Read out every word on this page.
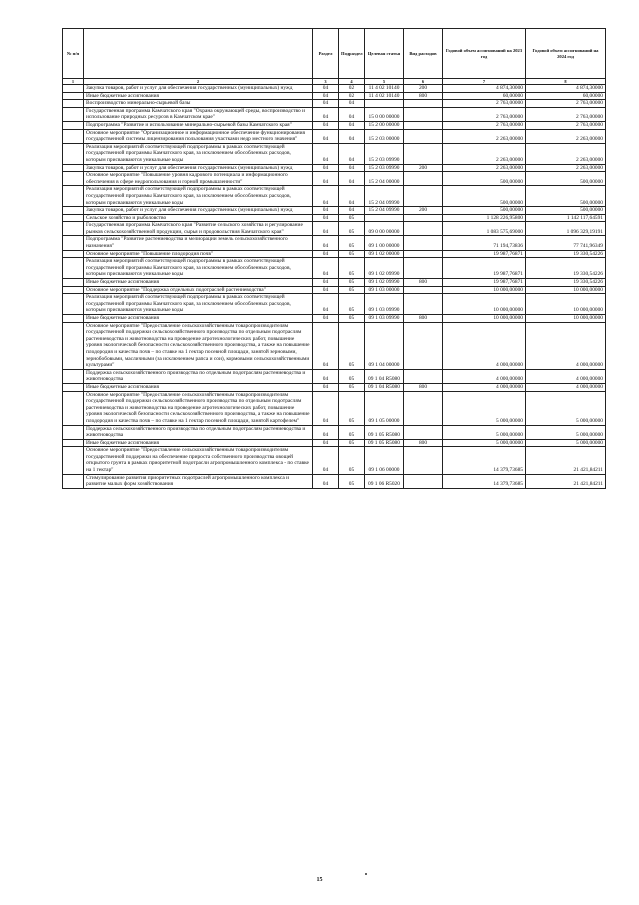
№ п/п		Раздел	Подраздел	Целевая статья	Вид расходов	Годовой объем ассигнований на 2023 год	Годовой объем ассигнований на 2024 год
1	2	3	4	5	6	7	8
	Закупка товаров, работ и услуг для обеспечения государственных (муниципальных) нужд	04	02	11 4 02 10140	200	4 874,30000	4 874,30000
	Иные бюджетные ассигнования	04	02	11 4 02 10140	800	60,00000	60,00000
	Воспроизводство минерально-сырьевой базы	04	04			2 763,00000	2 763,00000
	Государственная программа Камчатского края "Охрана окружающей среды, воспроизводство и использование природных ресурсов в Камчатском крае"	04	04	15 0 00 00000		2 763,00000	2 763,00000
	Подпрограмма "Развитие и использование минерально-сырьевой базы Камчатского края"	04	04	15 2 00 00000		2 763,00000	2 763,00000
	Основное мероприятие "Организационное и информационное обеспечение функционирования государственной системы лицензирования пользования участками недр местного значения"	04	04	15 2 03 00000		2 263,00000	2 263,00000
	Реализация мероприятий соответствующей подпрограммы в рамках соответствующей государственной программы Камчатского края, за исключением обособленных расходов, которым присваиваются уникальные коды	04	04	15 2 03 09990		2 263,00000	2 263,00000
	Закупка товаров, работ и услуг для обеспечения государственных (муниципальных) нужд	04	04	15 2 03 09990	200	2 263,00000	2 263,00000
	Основное мероприятие "Повышение уровня кадрового потенциала и информационного обеспечения в сфере недропользования и горной промышленности"	04	04	15 2 04 00000		500,00000	500,00000
	Реализация мероприятий соответствующей подпрограммы в рамках соответствующей государственной программы Камчатского края, за исключением обособленных расходов, которым присваиваются уникальные коды	04	04	15 2 04 09990		500,00000	500,00000
	Закупка товаров, работ и услуг для обеспечения государственных (муниципальных) нужд	04	04	15 2 04 09990	200	500,00000	500,00000
	Сельское хозяйство и рыболовство	04	05			1 128 226,95800	1 142 117,64591
	Государственная программа Камчатского края "Развитие сельского хозяйства и регулирование рынков сельскохозяйственной продукции, сырья и продовольствия Камчатского края"	04	05	09 0 00 00000		1 083 575,69000	1 096 329,19191
	Подпрограмма "Развитие растениеводства и мелиорации земель сельскохозяйственного назначения"	04	05	09 1 00 00000		71 194,73836	77 741,96349
	Основное мероприятие "Повышение плодородия почв"	04	05	09 1 02 00000		19 987,76871	19 330,54226
	Реализация мероприятий соответствующей подпрограммы в рамках соответствующей государственной программы Камчатского края, за исключением обособленных расходов, которым присваиваются уникальные коды	04	05	09 1 02 09990		19 987,76871	19 330,54226
	Иные бюджетные ассигнования	04	05	09 1 02 09990	800	19 987,76871	19 330,54226
	Основное мероприятие "Поддержка отдельных подотраслей растениеводства"	04	05	09 1 03 00000		10 000,00000	10 000,00000
	Реализация мероприятий соответствующей подпрограммы в рамках соответствующей государственной программы Камчатского края, за исключением обособленных расходов, которым присваиваются уникальные коды	04	05	09 1 03 09990		10 000,00000	10 000,00000
	Иные бюджетные ассигнования	04	05	09 1 03 09990	800	10 000,00000	10 000,00000
	Основное мероприятие "Предоставление сельскохозяйственным товаропроизводителям государственной поддержки сельскохозяйственного производства по отдельным подотраслям растениеводства и животноводства на проведение агротехнологических работ, повышение уровня экологической безопасности сельскохозяйственного производства, а также на повышение плодородия и качества почв – по ставке на 1 гектар посевной площади, занятой зерновыми, зернобобовыми, масличными (за исключением рапса и сои), кормовыми сельскохозяйственными культурами"	04	05	09 1 04 00000		4 000,00000	4 000,00000
	Поддержка сельскохозяйственного производства по отдельным подотраслям растениеводства и животноводства	04	05	09 1 04 R5080		4 000,00000	4 000,00000
	Иные бюджетные ассигнования	04	05	09 1 04 R5080	800	4 000,00000	4 000,00000
	Основное мероприятие "Предоставление сельскохозяйственным товаропроизводителям государственной поддержки сельскохозяйственного производства по отдельным подотраслям растениеводства и животноводства на проведение агротехнологических работ, повышение уровня экологической безопасности сельскохозяйственного производства, а также на повышение плодородия и качества почв – по ставке на 1 гектар посевной площади, занятой картофелем"	04	05	09 1 05 00000		5 000,00000	5 000,00000
	Поддержка сельскохозяйственного производства по отдельным подотраслям растениеводства и животноводства	04	05	09 1 05 R5080		5 000,00000	5 000,00000
	Иные бюджетные ассигнования	04	05	09 1 05 R5080	800	5 000,00000	5 000,00000
	Основное мероприятие "Предоставление сельскохозяйственным товаропроизводителям государственной поддержки на обеспечение прироста собственного производства овощей открытого грунта в рамках приоритетной подотрасли агропромышленного комплекса - по ставке на 1 гектар"	04	05	09 1 06 00000		14 379,73685	21 421,84211
	Стимулирование развития приоритетных подотраслей агропромышленного комплекса и развитие малых форм хозяйствования	04	05	09 1 06 R5020		14 379,73685	21 421,84211
15
